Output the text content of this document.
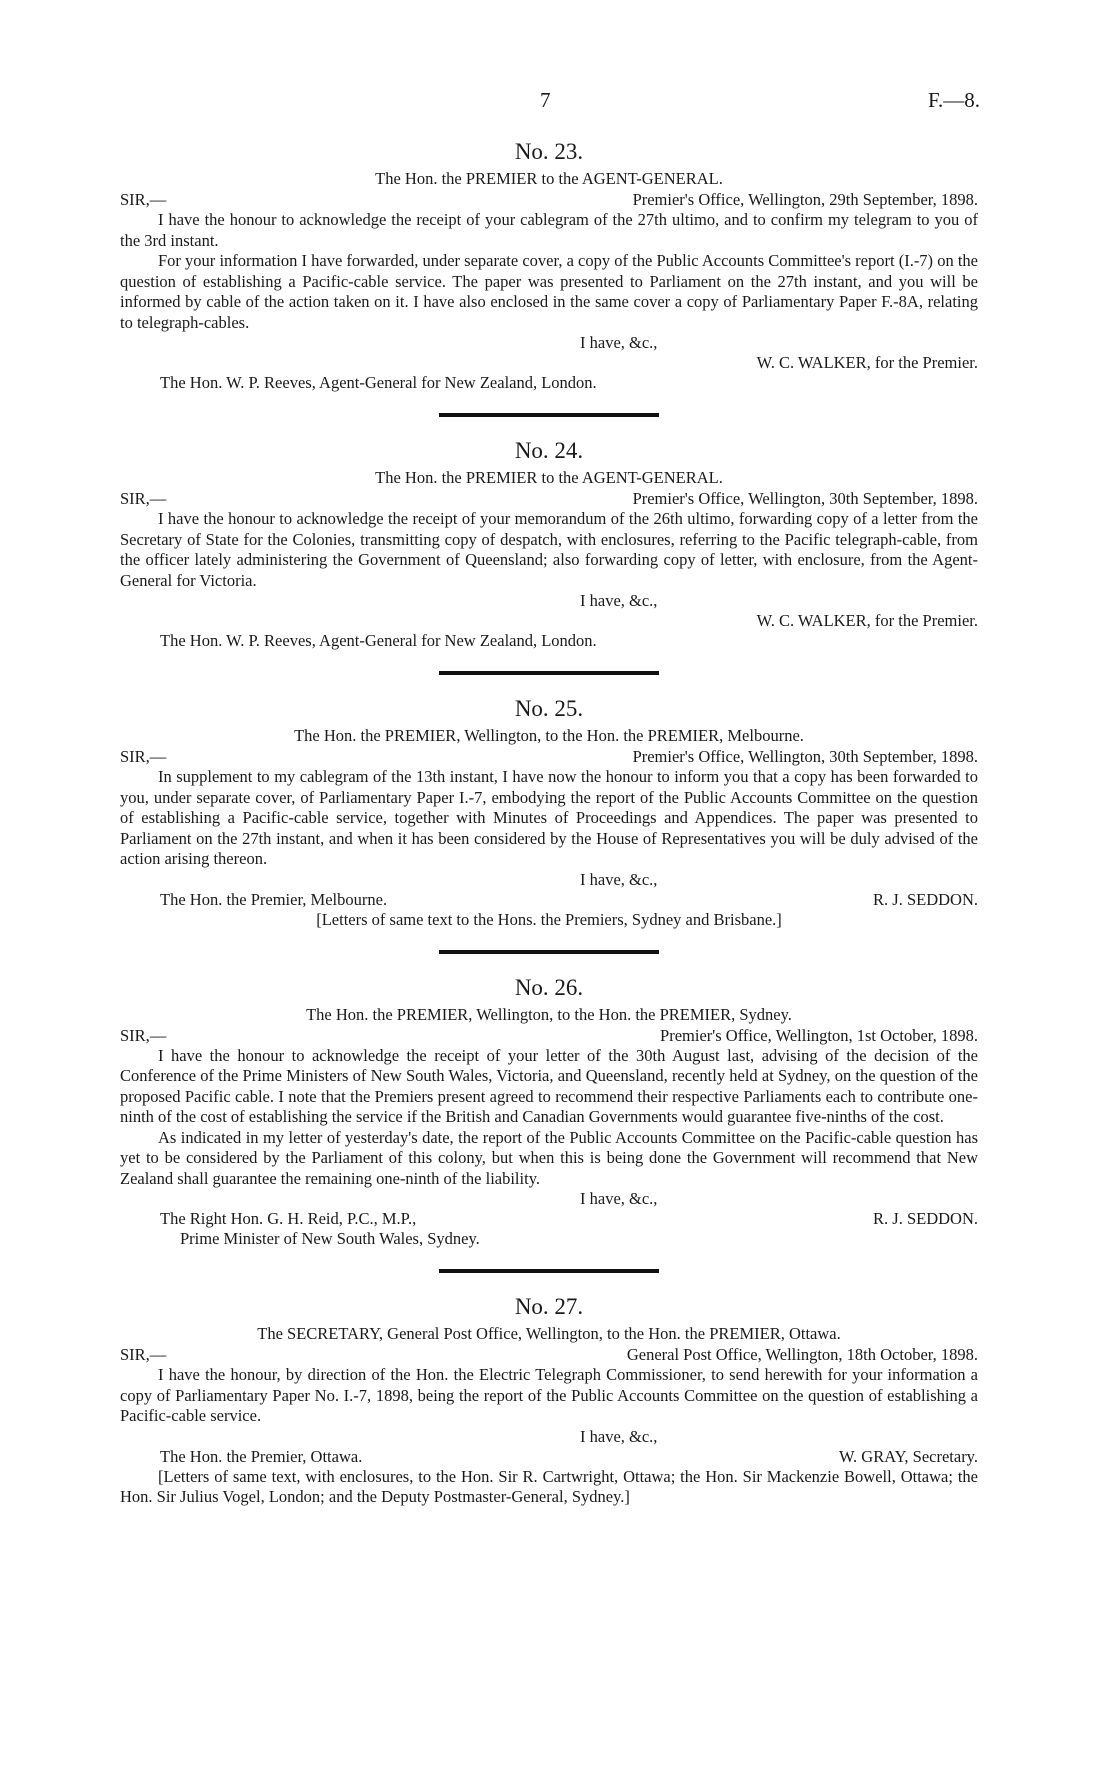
7	F.—8.
No. 23.
The Hon. the PREMIER to the AGENT-GENERAL.
SIR,—	Premier's Office, Wellington, 29th September, 1898.

I have the honour to acknowledge the receipt of your cablegram of the 27th ultimo, and to confirm my telegram to you of the 3rd instant.

For your information I have forwarded, under separate cover, a copy of the Public Accounts Committee's report (I.-7) on the question of establishing a Pacific-cable service. The paper was presented to Parliament on the 27th instant, and you will be informed by cable of the action taken on it. I have also enclosed in the same cover a copy of Parliamentary Paper F.-8A, relating to telegraph-cables.

I have, &c.,

W. C. WALKER, for the Premier.

The Hon. W. P. Reeves, Agent-General for New Zealand, London.

No. 24.
The Hon. the PREMIER to the AGENT-GENERAL.
SIR,—	Premier's Office, Wellington, 30th September, 1898.

I have the honour to acknowledge the receipt of your memorandum of the 26th ultimo, forwarding copy of a letter from the Secretary of State for the Colonies, transmitting copy of despatch, with enclosures, referring to the Pacific telegraph-cable, from the officer lately administering the Government of Queensland; also forwarding copy of letter, with enclosure, from the Agent-General for Victoria.

I have, &c.,

W. C. WALKER, for the Premier.

The Hon. W. P. Reeves, Agent-General for New Zealand, London.

No. 25.
The Hon. the PREMIER, Wellington, to the Hon. the PREMIER, Melbourne.
SIR,—	Premier's Office, Wellington, 30th September, 1898.

In supplement to my cablegram of the 13th instant, I have now the honour to inform you that a copy has been forwarded to you, under separate cover, of Parliamentary Paper I.-7, embodying the report of the Public Accounts Committee on the question of establishing a Pacific-cable service, together with Minutes of Proceedings and Appendices. The paper was presented to Parliament on the 27th instant, and when it has been considered by the House of Representatives you will be duly advised of the action arising thereon.

I have, &c.,

The Hon. the Premier, Melbourne.	R. J. SEDDON.

[Letters of same text to the Hons. the Premiers, Sydney and Brisbane.]

No. 26.
The Hon. the PREMIER, Wellington, to the Hon. the PREMIER, Sydney.
SIR,—	Premier's Office, Wellington, 1st October, 1898.

I have the honour to acknowledge the receipt of your letter of the 30th August last, advising of the decision of the Conference of the Prime Ministers of New South Wales, Victoria, and Queensland, recently held at Sydney, on the question of the proposed Pacific cable. I note that the Premiers present agreed to recommend their respective Parliaments each to contribute one-ninth of the cost of establishing the service if the British and Canadian Governments would guarantee five-ninths of the cost.

As indicated in my letter of yesterday's date, the report of the Public Accounts Committee on the Pacific-cable question has yet to be considered by the Parliament of this colony, but when this is being done the Government will recommend that New Zealand shall guarantee the remaining one-ninth of the liability.

I have, &c.,

The Right Hon. G. H. Reid, P.C., M.P.,	R. J. SEDDON.

Prime Minister of New South Wales, Sydney.

No. 27.
The SECRETARY, General Post Office, Wellington, to the Hon. the PREMIER, Ottawa.
SIR,—	General Post Office, Wellington, 18th October, 1898.

I have the honour, by direction of the Hon. the Electric Telegraph Commissioner, to send herewith for your information a copy of Parliamentary Paper No. I.-7, 1898, being the report of the Public Accounts Committee on the question of establishing a Pacific-cable service.

I have, &c.,

The Hon. the Premier, Ottawa.	W. GRAY, Secretary.

[Letters of same text, with enclosures, to the Hon. Sir R. Cartwright, Ottawa; the Hon. Sir Mackenzie Bowell, Ottawa; the Hon. Sir Julius Vogel, London; and the Deputy Postmaster-General, Sydney.]
